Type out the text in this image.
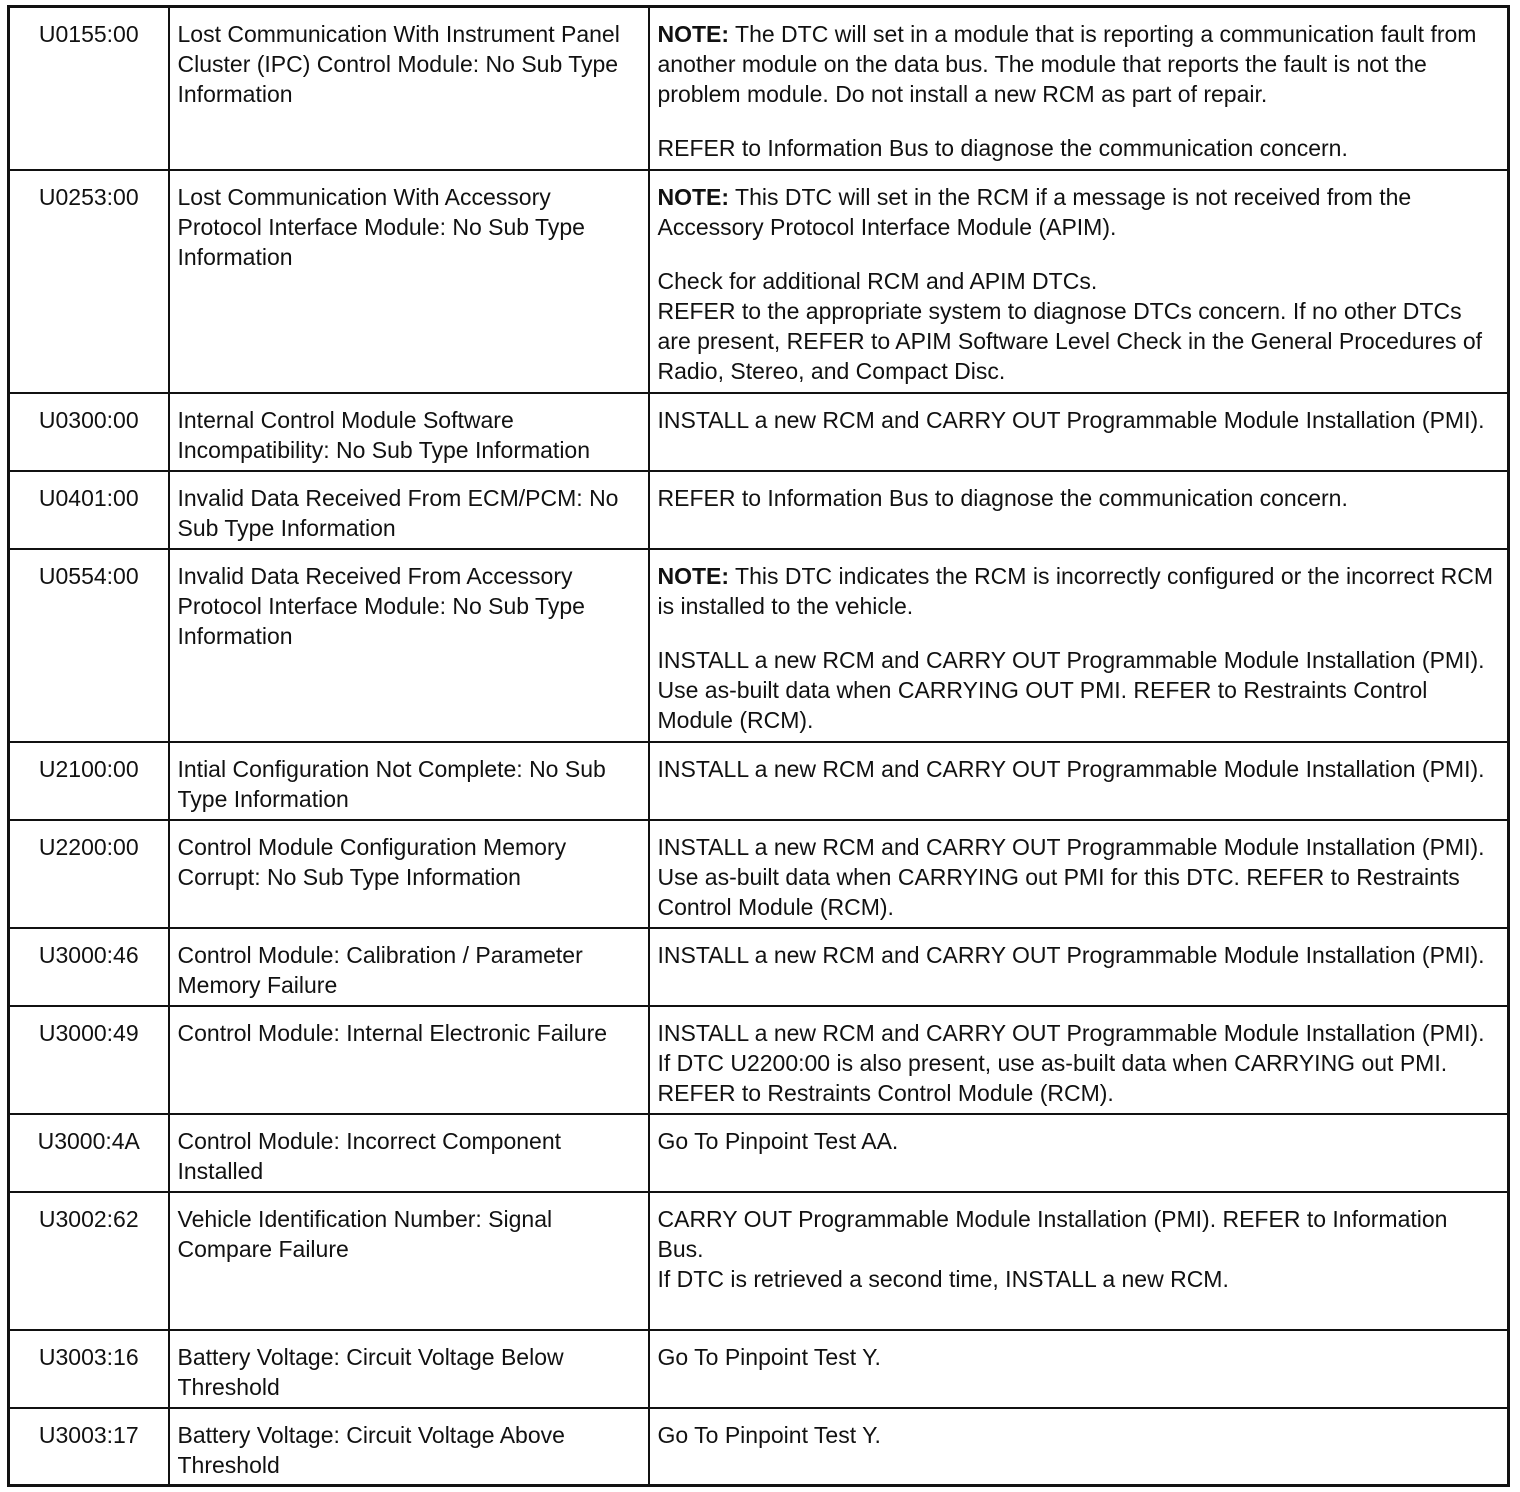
U0155:00	Lost Communication With Instrument Panel Cluster (IPC) Control Module: No Sub Type Information	NOTE: The DTC will set in a module that is reporting a communication fault from another module on the data bus. The module that reports the fault is not the problem module. Do not install a new RCM as part of repair.
REFER to Information Bus to diagnose the communication concern.

U0253:00	Lost Communication With Accessory Protocol Interface Module: No Sub Type Information	NOTE: This DTC will set in the RCM if a message is not received from the Accessory Protocol Interface Module (APIM).
Check for additional RCM and APIM DTCs.
REFER to the appropriate system to diagnose DTCs concern. If no other DTCs are present, REFER to APIM Software Level Check in the General Procedures of Radio, Stereo, and Compact Disc.

U0300:00	Internal Control Module Software Incompatibility: No Sub Type Information	INSTALL a new RCM and CARRY OUT Programmable Module Installation (PMI).

U0401:00	Invalid Data Received From ECM/PCM: No Sub Type Information	REFER to Information Bus to diagnose the communication concern.

U0554:00	Invalid Data Received From Accessory Protocol Interface Module: No Sub Type Information	NOTE: This DTC indicates the RCM is incorrectly configured or the incorrect RCM is installed to the vehicle.
INSTALL a new RCM and CARRY OUT Programmable Module Installation (PMI). Use as-built data when CARRYING OUT PMI. REFER to Restraints Control Module (RCM).

U2100:00	Intial Configuration Not Complete: No Sub Type Information	INSTALL a new RCM and CARRY OUT Programmable Module Installation (PMI).

U2200:00	Control Module Configuration Memory Corrupt: No Sub Type Information	INSTALL a new RCM and CARRY OUT Programmable Module Installation (PMI). Use as-built data when CARRYING out PMI for this DTC. REFER to Restraints Control Module (RCM).

U3000:46	Control Module: Calibration / Parameter Memory Failure	INSTALL a new RCM and CARRY OUT Programmable Module Installation (PMI).

U3000:49	Control Module: Internal Electronic Failure	INSTALL a new RCM and CARRY OUT Programmable Module Installation (PMI). If DTC U2200:00 is also present, use as-built data when CARRYING out PMI. REFER to Restraints Control Module (RCM).

U3000:4A	Control Module: Incorrect Component Installed	Go To Pinpoint Test AA.

U3002:62	Vehicle Identification Number: Signal Compare Failure	CARRY OUT Programmable Module Installation (PMI). REFER to Information Bus.
If DTC is retrieved a second time, INSTALL a new RCM.

U3003:16	Battery Voltage: Circuit Voltage Below Threshold	Go To Pinpoint Test Y.

U3003:17	Battery Voltage: Circuit Voltage Above Threshold	Go To Pinpoint Test Y.
